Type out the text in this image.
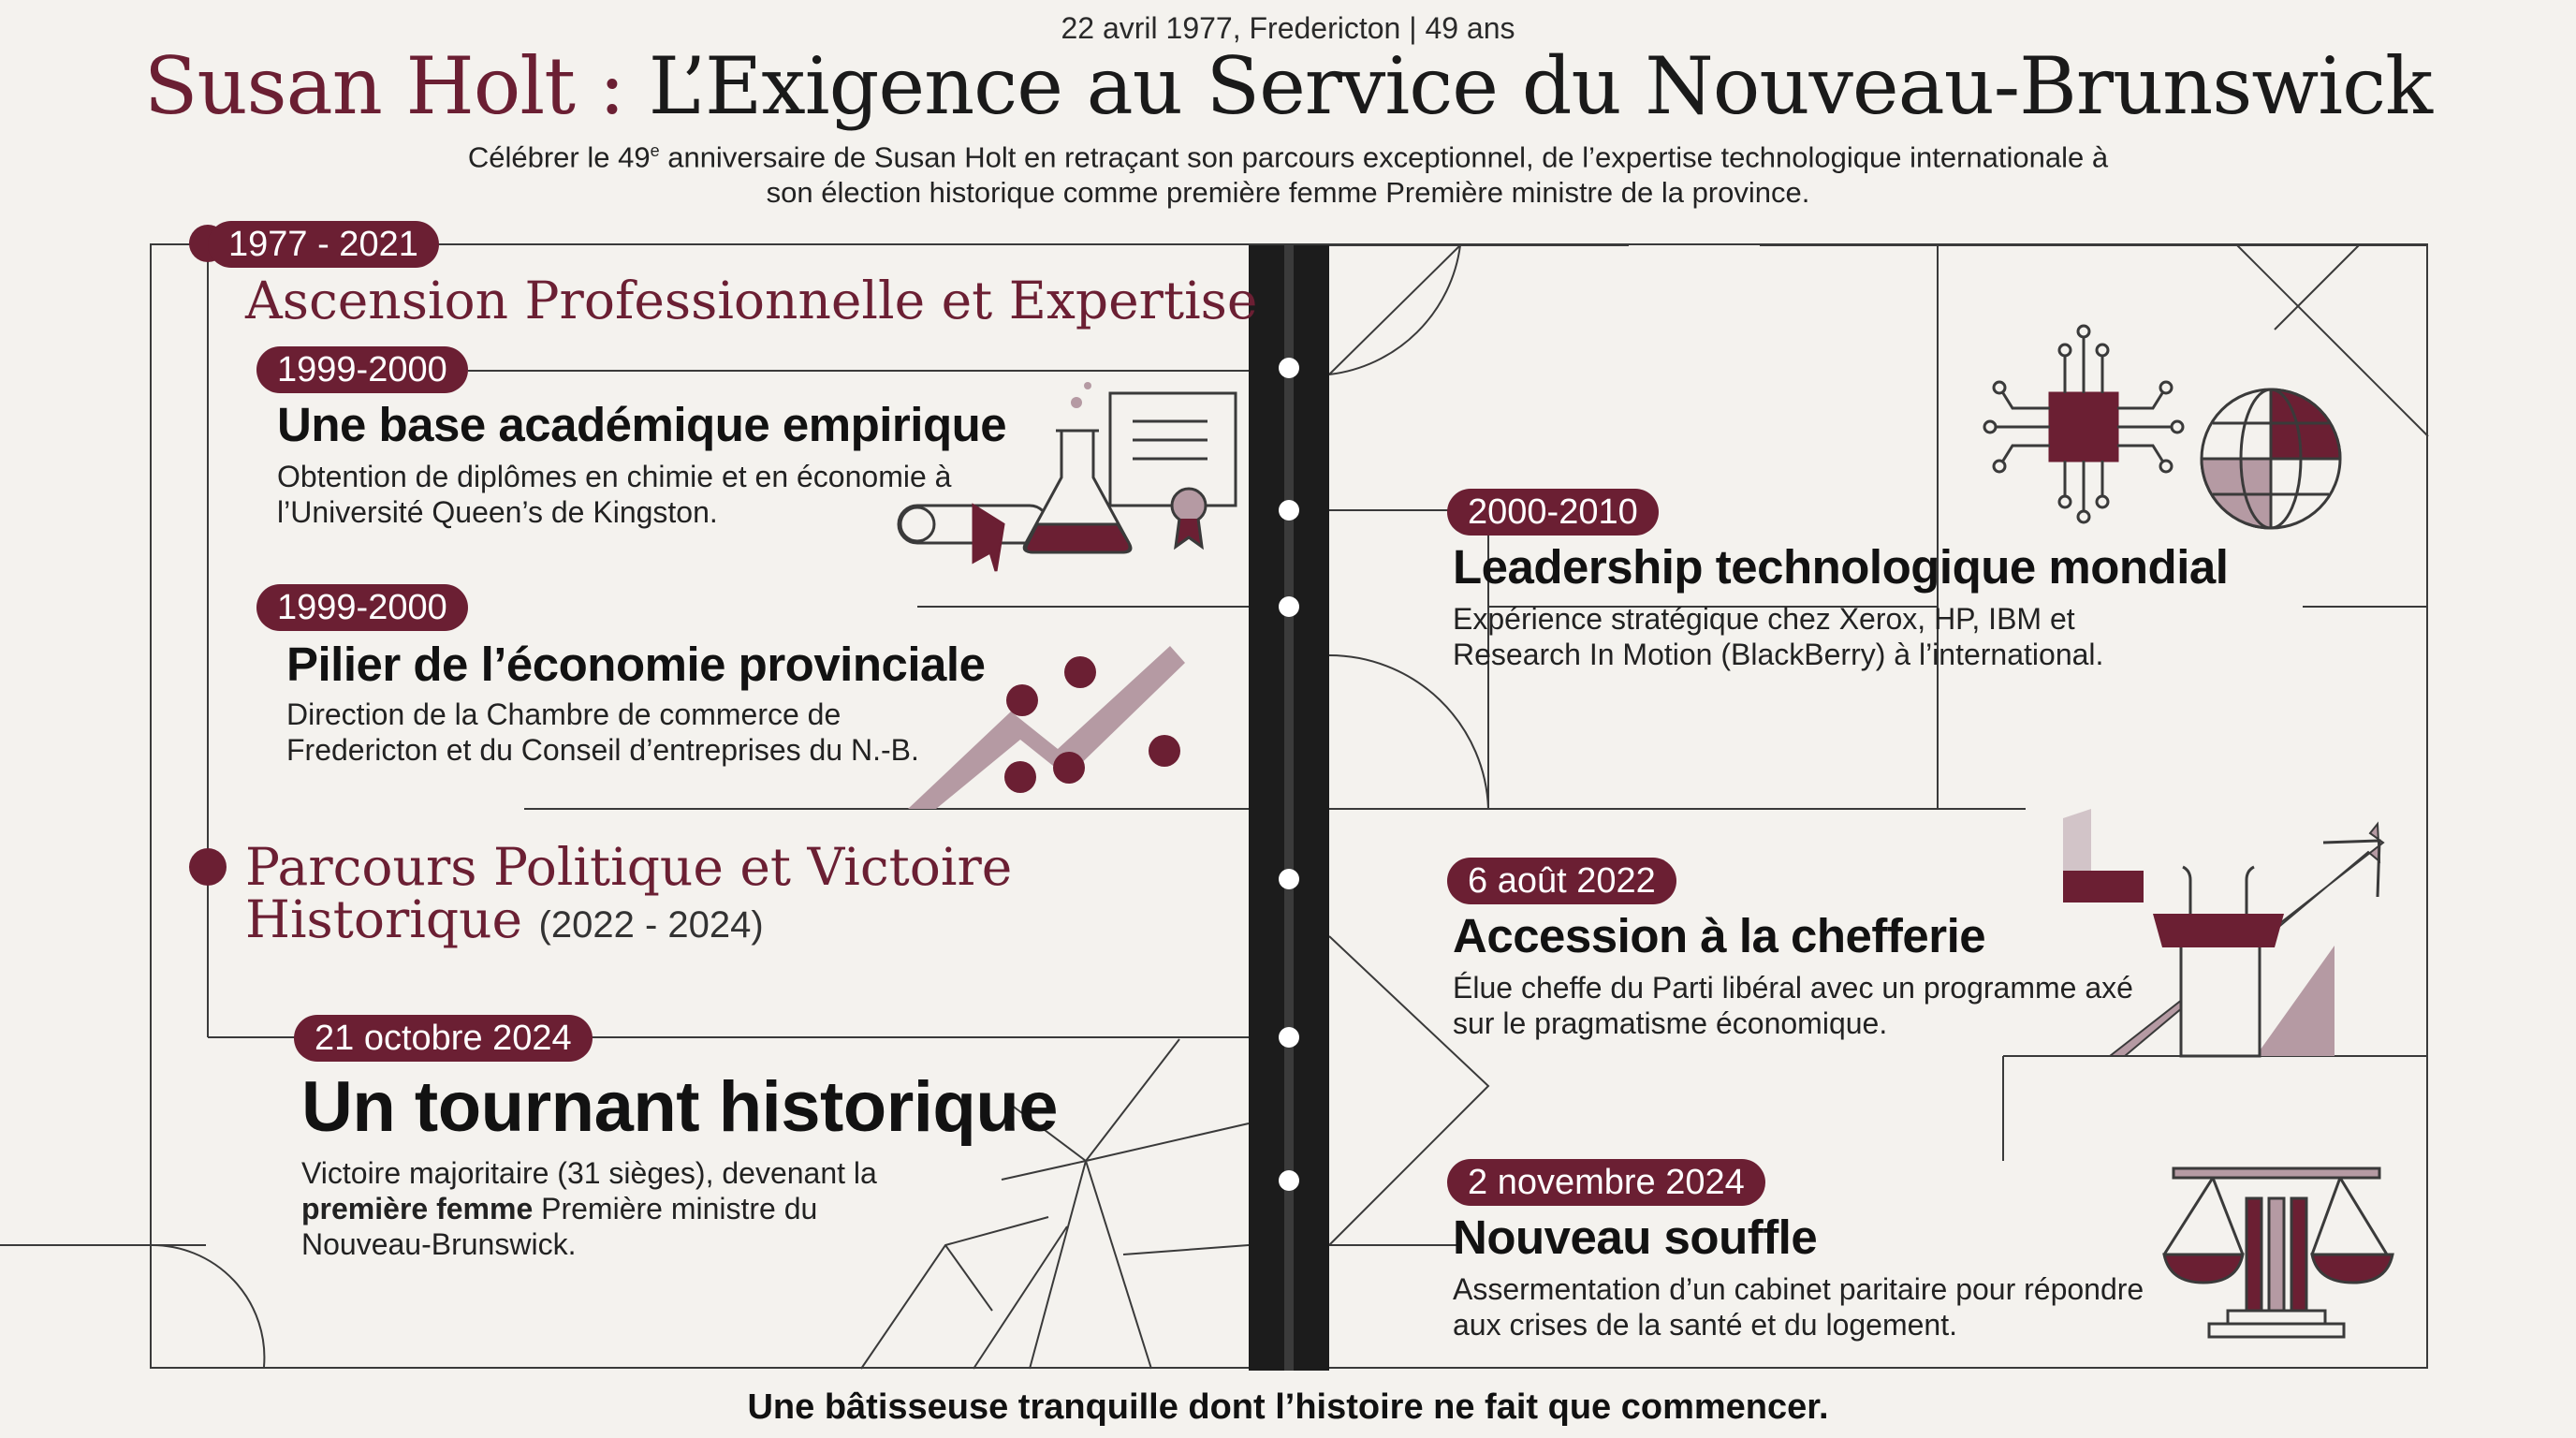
22 avril 1977, Fredericton | 49 ans
Susan Holt : L’Exigence au Service du Nouveau-Brunswick
Célébrer le 49e anniversaire de Susan Holt en retraçant son parcours exceptionnel, de l’expertise technologique internationale à
son élection historique comme première femme Première ministre de la province.
1977 - 2021
Ascension Professionnelle et Expertise
1999-2000
Une base académique empirique
Obtention de diplômes en chimie et en économie à
l’Université Queen’s de Kingston.
1999-2000
Pilier de l’économie provinciale
Direction de la Chambre de commerce de
Fredericton et du Conseil d’entreprises du N.-B.
Parcours Politique et Victoire
Historique (2022 - 2024)
21 octobre 2024
Un tournant historique
Victoire majoritaire (31 sièges), devenant la
première femme Première ministre du
Nouveau-Brunswick.
2000-2010
Leadership technologique mondial
Expérience stratégique chez Xerox, HP, IBM et
Research In Motion (BlackBerry) à l’international.
6 août 2022
Accession à la chefferie
Élue cheffe du Parti libéral avec un programme axé
sur le pragmatisme économique.
2 novembre 2024
Nouveau souffle
Assermentation d’un cabinet paritaire pour répondre
aux crises de la santé et du logement.
Une bâtisseuse tranquille dont l’histoire ne fait que commencer.
